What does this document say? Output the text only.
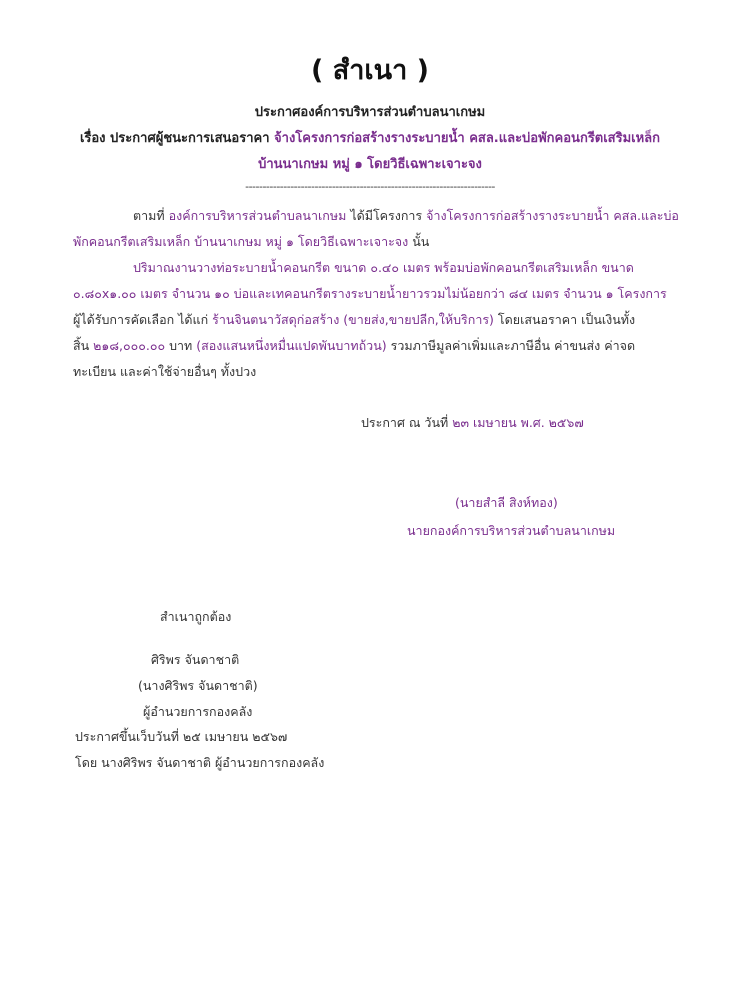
( สำเนา )
ประกาศองค์การบริหารส่วนตำบลนาเกษม
เรื่อง ประกาศผู้ชนะการเสนอราคา จ้างโครงการก่อสร้างรางระบายน้ำ คสล.และบ่อพักคอนกรีตเสริมเหล็ก
บ้านนาเกษม หมู่ ๑ โดยวิธีเฉพาะเจาะจง
------------------------------------------------------------------------
ตามที่ องค์การบริหารส่วนตำบลนาเกษม ได้มีโครงการ จ้างโครงการก่อสร้างรางระบายน้ำ คสล.และบ่อ
พักคอนกรีตเสริมเหล็ก บ้านนาเกษม หมู่ ๑ โดยวิธีเฉพาะเจาะจง นั้น
ปริมาณงานวางท่อระบายน้ำคอนกรีต ขนาด ๐.๔๐ เมตร พร้อมบ่อพักคอนกรีตเสริมเหล็ก ขนาด
๐.๘๐x๑.๐๐ เมตร จำนวน ๑๐ บ่อและเทคอนกรีตรางระบายน้ำยาวรวมไม่น้อยกว่า ๘๔ เมตร จำนวน ๑ โครงการ
ผู้ได้รับการคัดเลือก ได้แก่ ร้านจินตนาวัสดุก่อสร้าง (ขายส่ง,ขายปลีก,ให้บริการ) โดยเสนอราคา เป็นเงินทั้ง
สิ้น ๒๑๘,๐๐๐.๐๐ บาท (สองแสนหนึ่งหมื่นแปดพันบาทถ้วน) รวมภาษีมูลค่าเพิ่มและภาษีอื่น ค่าขนส่ง ค่าจด
ทะเบียน และค่าใช้จ่ายอื่นๆ ทั้งปวง
ประกาศ ณ วันที่ ๒๓ เมษายน พ.ศ. ๒๕๖๗
(นายสำลี สิงห์ทอง)
นายกองค์การบริหารส่วนตำบลนาเกษม
สำเนาถูกต้อง
ศิริพร จันดาชาติ
(นางศิริพร จันดาชาติ)
ผู้อำนวยการกองคลัง
ประกาศขึ้นเว็บวันที่ ๒๕ เมษายน ๒๕๖๗
โดย นางศิริพร จันดาชาติ ผู้อำนวยการกองคลัง
